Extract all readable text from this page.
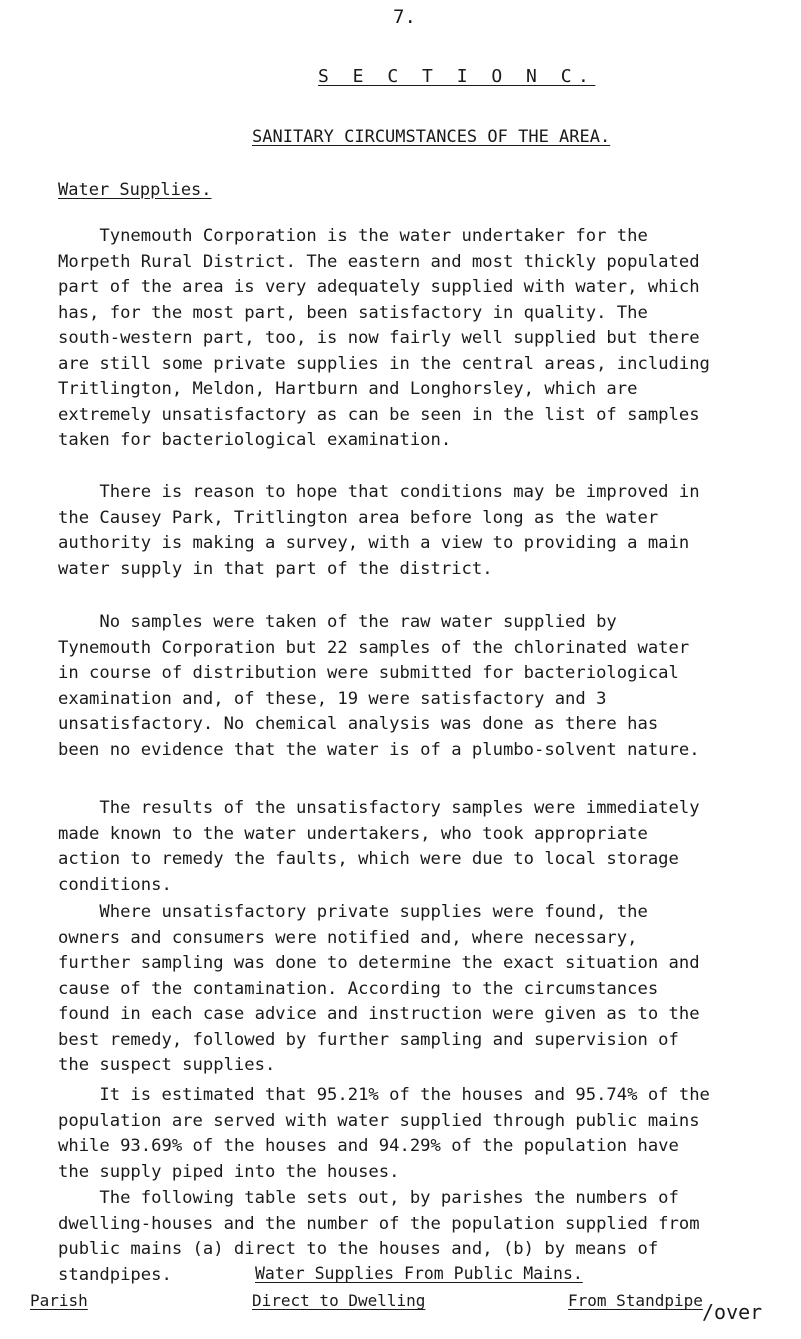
7.
S E C T I O N C.
SANITARY CIRCUMSTANCES OF THE AREA.
Water Supplies.
Tynemouth Corporation is the water undertaker for the
Morpeth Rural District. The eastern and most thickly populated
part of the area is very adequately supplied with water, which
has, for the most part, been satisfactory in quality. The
south-western part, too, is now fairly well supplied but there
are still some private supplies in the central areas, including
Tritlington, Meldon, Hartburn and Longhorsley, which are
extremely unsatisfactory as can be seen in the list of samples
taken for bacteriological examination.
There is reason to hope that conditions may be improved in
the Causey Park, Tritlington area before long as the water
authority is making a survey, with a view to providing a main
water supply in that part of the district.
No samples were taken of the raw water supplied by
Tynemouth Corporation but 22 samples of the chlorinated water
in course of distribution were submitted for bacteriological
examination and, of these, 19 were satisfactory and 3
unsatisfactory. No chemical analysis was done as there has
been no evidence that the water is of a plumbo-solvent nature.
The results of the unsatisfactory samples were immediately
made known to the water undertakers, who took appropriate
action to remedy the faults, which were due to local storage
conditions.
Where unsatisfactory private supplies were found, the
owners and consumers were notified and, where necessary,
further sampling was done to determine the exact situation and
cause of the contamination. According to the circumstances
found in each case advice and instruction were given as to the
best remedy, followed by further sampling and supervision of
the suspect supplies.
It is estimated that 95.21% of the houses and 95.74% of the
population are served with water supplied through public mains
while 93.69% of the houses and 94.29% of the population have
the supply piped into the houses.
The following table sets out, by parishes the numbers of
dwelling-houses and the number of the population supplied from
public mains (a) direct to the houses and, (b) by means of
standpipes.	Water Supplies From Public Mains.
Parish	Direct to Dwelling	From Standpipe /over
